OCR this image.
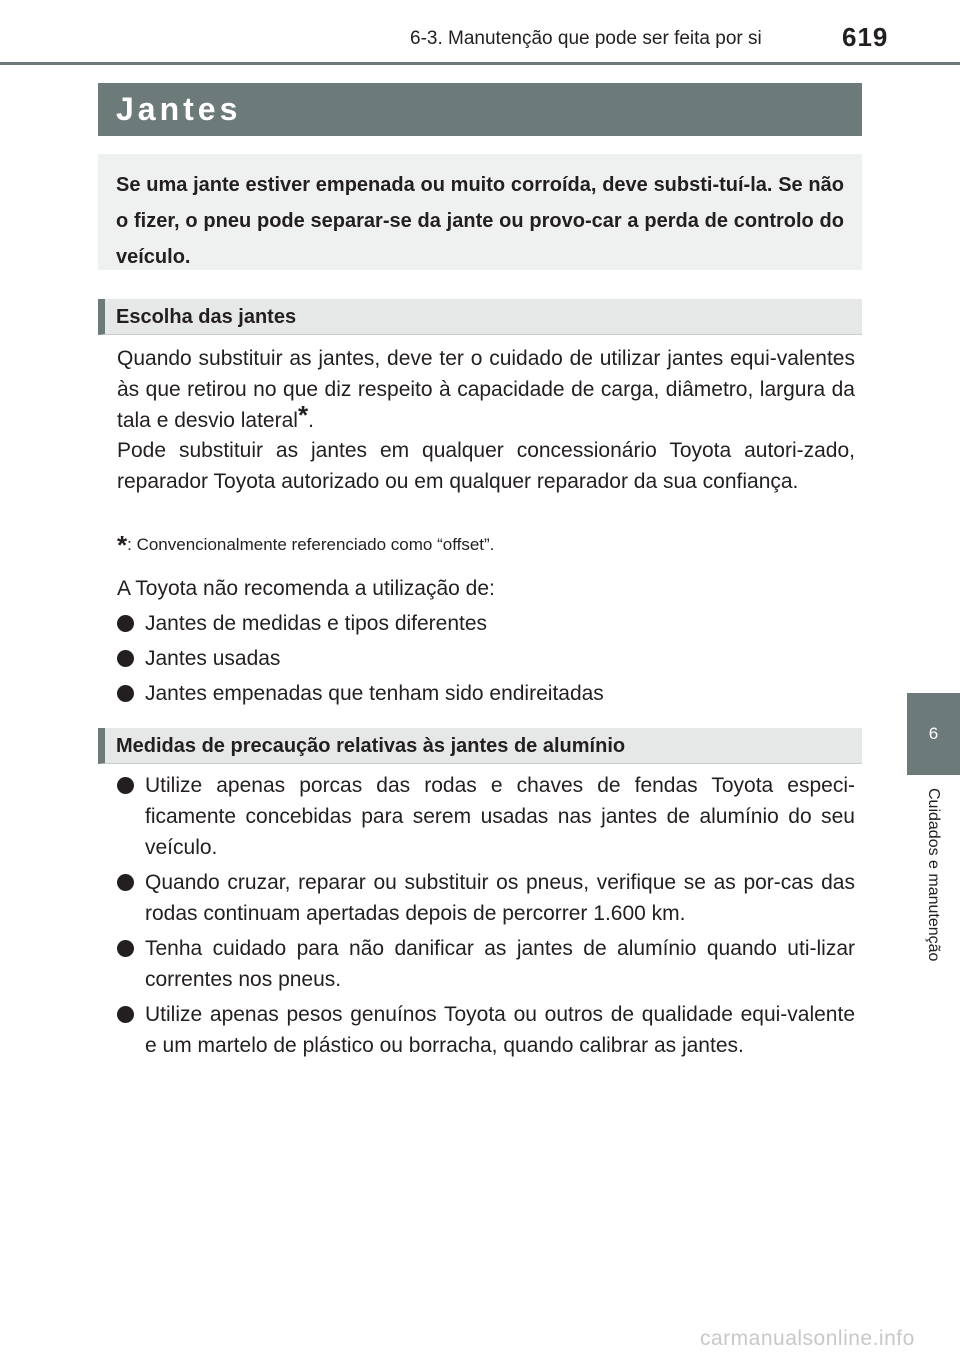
6-3. Manutenção que pode ser feita por si	619
6
Cuidados e manutenção
Jantes
Se uma jante estiver empenada ou muito corroída, deve substi-tuí-la. Se não o fizer, o pneu pode separar-se da jante ou provo-car a perda de controlo do veículo.
Escolha das jantes

Quando substituir as jantes, deve ter o cuidado de utilizar jantes equi-valentes às que retirou no que diz respeito à capacidade de carga, diâmetro, largura da tala e desvio lateral*.

Pode substituir as jantes em qualquer concessionário Toyota autori-zado, reparador Toyota autorizado ou em qualquer reparador da sua confiança.

*: Convencionalmente referenciado como “offset”.

A Toyota não recomenda a utilização de:

Jantes de medidas e tipos diferentes
Jantes usadas
Jantes empenadas que tenham sido endireitadas
Medidas de precaução relativas às jantes de alumínio
Utilize apenas porcas das rodas e chaves de fendas Toyota especi-ficamente concebidas para serem usadas nas jantes de alumínio do seu veículo.
Quando cruzar, reparar ou substituir os pneus, verifique se as por-cas das rodas continuam apertadas depois de percorrer 1.600 km.
Tenha cuidado para não danificar as jantes de alumínio quando uti-lizar correntes nos pneus.
Utilize apenas pesos genuínos Toyota ou outros de qualidade equi-valente e um martelo de plástico ou borracha, quando calibrar as jantes.
carmanualsonline.info
